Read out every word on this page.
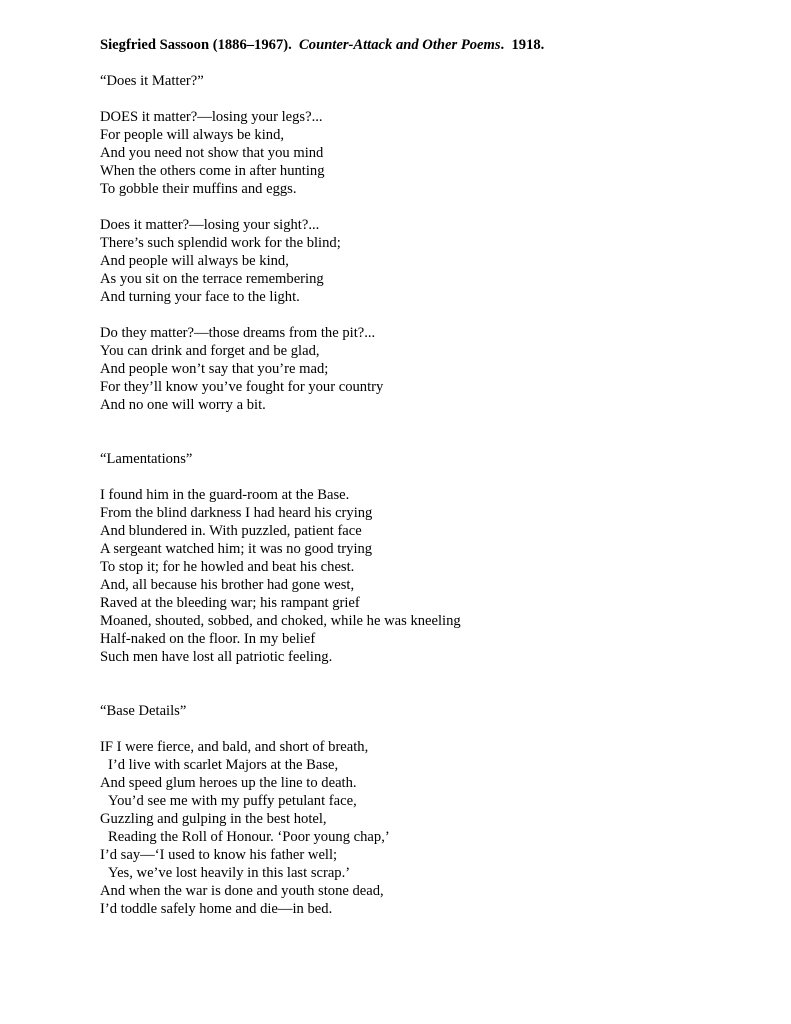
Siegfried Sassoon (1886–1967). Counter-Attack and Other Poems.  1918.
“Does it Matter?”
DOES it matter?—losing your legs?...
For people will always be kind,
And you need not show that you mind
When the others come in after hunting
To gobble their muffins and eggs.
Does it matter?—losing your sight?...
There’s such splendid work for the blind;
And people will always be kind,
As you sit on the terrace remembering
And turning your face to the light.
Do they matter?—those dreams from the pit?...
You can drink and forget and be glad,
And people won’t say that you’re mad;
For they’ll know you’ve fought for your country
And no one will worry a bit.
“Lamentations”
I found him in the guard-room at the Base.
From the blind darkness I had heard his crying
And blundered in. With puzzled, patient face
A sergeant watched him; it was no good trying
To stop it; for he howled and beat his chest.
And, all because his brother had gone west,
Raved at the bleeding war; his rampant grief
Moaned, shouted, sobbed, and choked, while he was kneeling
Half-naked on the floor. In my belief
Such men have lost all patriotic feeling.
“Base Details”
IF I were fierce, and bald, and short of breath,
I’d live with scarlet Majors at the Base,
And speed glum heroes up the line to death.
You’d see me with my puffy petulant face,
Guzzling and gulping in the best hotel,
Reading the Roll of Honour. ‘Poor young chap,’
I’d say—‘I used to know his father well;
Yes, we’ve lost heavily in this last scrap.’
And when the war is done and youth stone dead,
I’d toddle safely home and die—in bed.
